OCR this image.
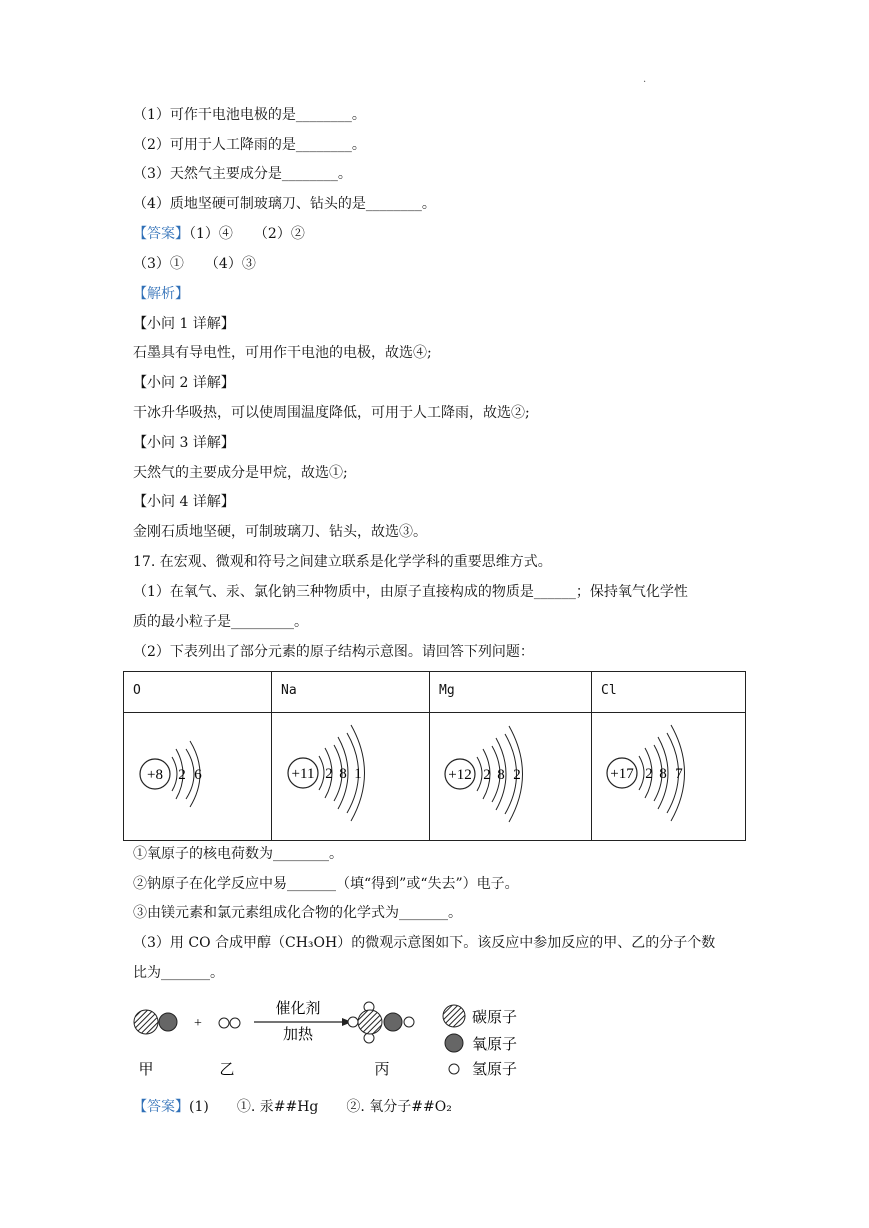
.
（1）可作干电池电极的是________。
（2）可用于人工降雨的是________。
（3）天然气主要成分是________。
（4）质地坚硬可制玻璃刀、钻头的是________。
【答案】（1）④　　（2）②
（3）①　　（4）③
【解析】
【小问 1 详解】
石墨具有导电性，可用作干电池的电极，故选④;
【小问 2 详解】
干冰升华吸热，可以使周围温度降低，可用于人工降雨，故选②;
【小问 3 详解】
天然气的主要成分是甲烷，故选①;
【小问 4 详解】
金刚石质地坚硬，可制玻璃刀、钻头，故选③。
17. 在宏观、微观和符号之间建立联系是化学学科的重要思维方式。
（1）在氧气、汞、氯化钠三种物质中，由原子直接构成的物质是______；保持氧气化学性
质的最小粒子是_________。
（2）下表列出了部分元素的原子结构示意图。请回答下列问题：
O	Na	Mg	Cl

+8 2 6	+11 2 8 1	+12 2 8 2	+17 2 8 7
①氧原子的核电荷数为________。
②钠原子在化学反应中易_______（填“得到”或“失去”）电子。
③由镁元素和氯元素组成化合物的化学式为_______。
（3）用 CO 合成甲醇（CH₃OH）的微观示意图如下。该反应中参加反应的甲、乙的分子个数
比为_______。
+
催化剂
加热
碳原子
氧原子
氢原子
甲	乙	丙
【答案】(1)　　①. 汞##Hg　　②. 氧分子##O₂
